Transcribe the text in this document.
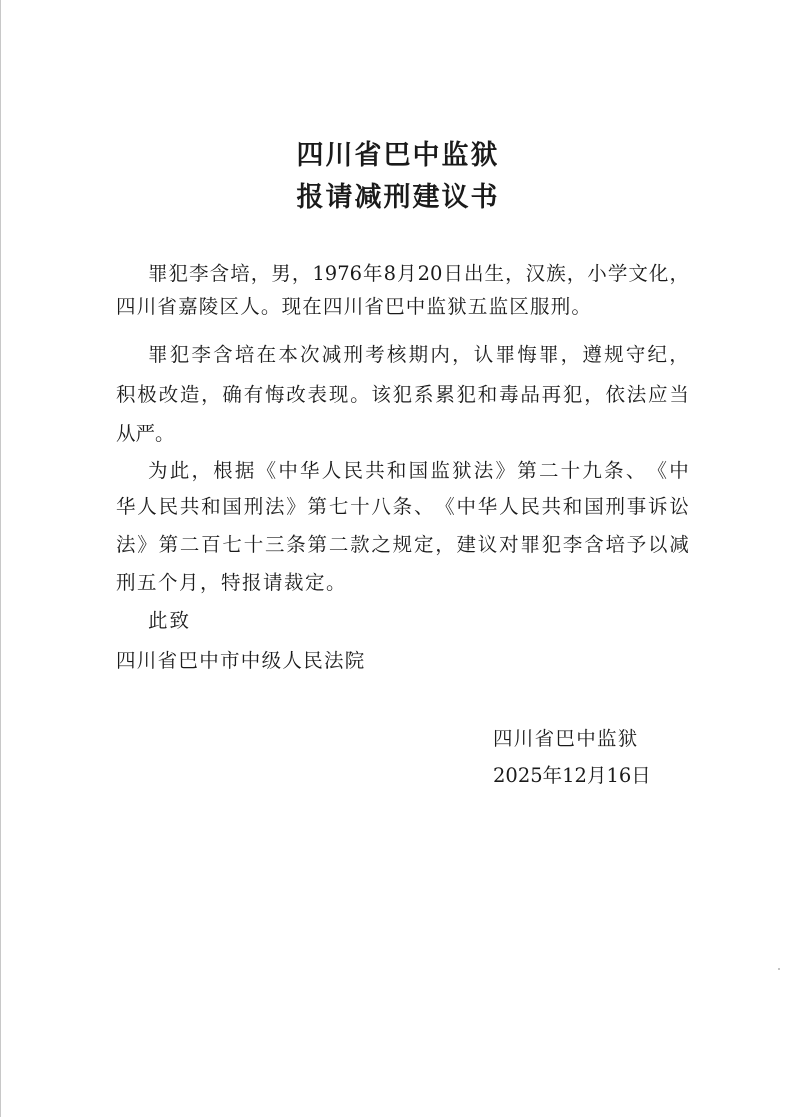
四川省巴中监狱
报请减刑建议书
罪 犯 李 含 培 ， 男 ， 1976 年 8 月 20 日 出 生 ， 汉 族 ， 小 学 文 化 ，
四川省嘉陵区人。现在四川省巴中监狱五监区服刑。
罪 犯 李 含 培 在 本 次 减 刑 考 核 期 内 ， 认 罪 悔 罪 ， 遵 规 守 纪 ，
积 极 改 造 ， 确 有 悔 改 表 现 。 该 犯 系 累 犯 和 毒 品 再 犯 ， 依 法 应 当
从严。
为 此 ， 根 据 《 中 华 人 民 共 和 国 监 狱 法 》 第 二 十 九 条 、 《 中
华 人 民 共 和 国 刑 法 》 第 七 十 八 条 、 《 中 华 人 民 共 和 国 刑 事 诉 讼
法 》 第 二 百 七 十 三 条 第 二 款 之 规 定 ， 建 议 对 罪 犯 李 含 培 予 以 减
刑五个月，特报请裁定。
此致
四川省巴中市中级人民法院
四川省巴中监狱
2025年12月16日
